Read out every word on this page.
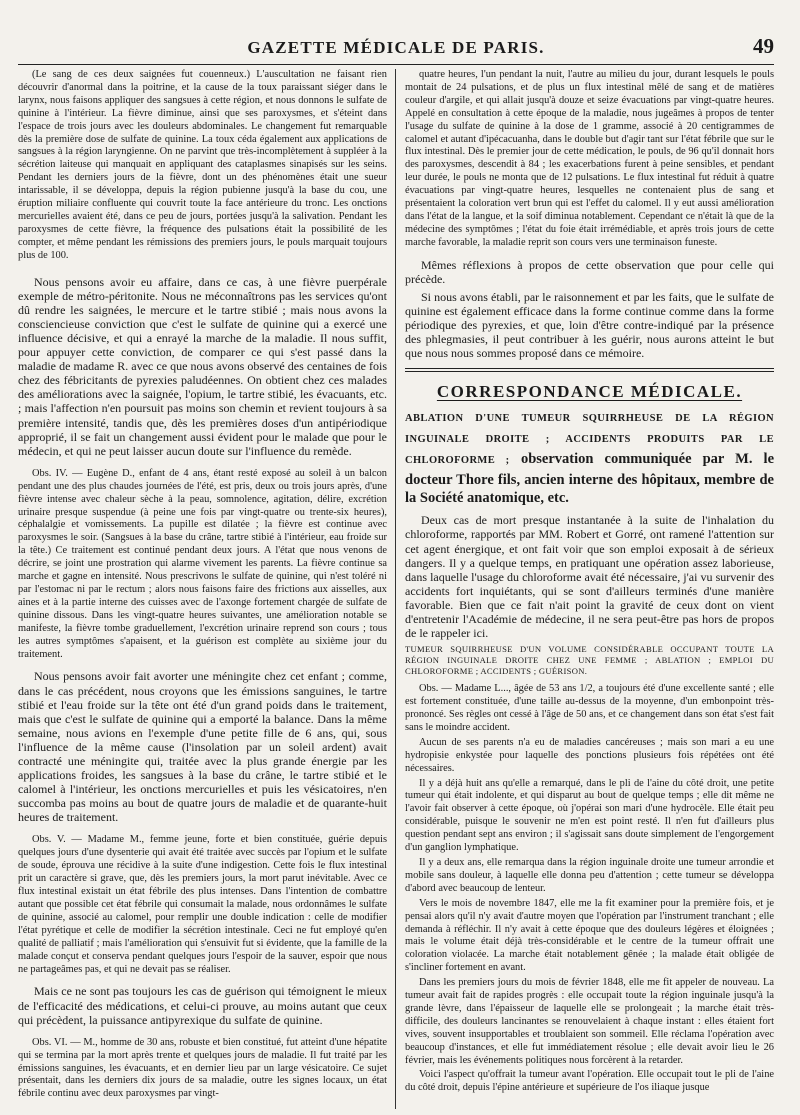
GAZETTE MÉDICALE DE PARIS.	49

(Le sang de ces deux saignées fut couenneux.) L'auscultation ne faisant rien découvrir d'anormal dans la poitrine, et la cause de la toux paraissant siéger dans le larynx, nous faisons appliquer des sangsues à cette région, et nous donnons le sulfate de quinine à l'intérieur. La fièvre diminue, ainsi que ses paroxysmes, et s'éteint dans l'espace de trois jours avec les douleurs abdominales. Le changement fut remarquable dès la première dose de sulfate de quinine. La toux céda également aux applications de sangsues à la région laryngienne. On ne parvint que très-incomplètement à suppléer à la sécrétion laiteuse qui manquait en appliquant des cataplasmes sinapisés sur les seins. Pendant les derniers jours de la fièvre, dont un des phénomènes était une sueur intarissable, il se développa, depuis la région pubienne jusqu'à la base du cou, une éruption miliaire confluente qui couvrit toute la face antérieure du tronc. Les onctions mercurielles avaient été, dans ce peu de jours, portées jusqu'à la salivation. Pendant les paroxysmes de cette fièvre, la fréquence des pulsations était la possibilité de les compter, et même pendant les rémissions des premiers jours, le pouls marquait toujours plus de 100.

Nous pensons avoir eu affaire, dans ce cas, à une fièvre puerpérale exemple de métro-péritonite. Nous ne méconnaîtrons pas les services qu'ont dû rendre les saignées, le mercure et le tartre stibié ; mais nous avons la consciencieuse conviction que c'est le sulfate de quinine qui a exercé une influence décisive, et qui a enrayé la marche de la maladie. Il nous suffit, pour appuyer cette conviction, de comparer ce qui s'est passé dans la maladie de madame R. avec ce que nous avons observé des centaines de fois chez des fébricitants de pyrexies paludéennes. On obtient chez ces malades des améliorations avec la saignée, l'opium, le tartre stibié, les évacuants, etc. ; mais l'affection n'en poursuit pas moins son chemin et revient toujours à sa première intensité, tandis que, dès les premières doses d'un antipériodique approprié, il se fait un changement aussi évident pour le malade que pour le médecin, et qui ne peut laisser aucun doute sur l'influence du remède.

Obs. IV. — Eugène D., enfant de 4 ans, étant resté exposé au soleil à un balcon pendant une des plus chaudes journées de l'été, est pris, deux ou trois jours après, d'une fièvre intense avec chaleur sèche à la peau, somnolence, agitation, délire, excrétion urinaire presque suspendue (à peine une fois par vingt-quatre ou trente-six heures), céphalalgie et vomissements. La pupille est dilatée ; la fièvre est continue avec paroxysmes le soir. (Sangsues à la base du crâne, tartre stibié à l'intérieur, eau froide sur la tête.) Ce traitement est continué pendant deux jours. A l'état que nous venons de décrire, se joint une prostration qui alarme vivement les parents. La fièvre continue sa marche et gagne en intensité. Nous prescrivons le sulfate de quinine, qui n'est toléré ni par l'estomac ni par le rectum ; alors nous faisons faire des frictions aux aisselles, aux aines et à la partie interne des cuisses avec de l'axonge fortement chargée de sulfate de quinine dissous. Dans les vingt-quatre heures suivantes, une amélioration notable se manifeste, la fièvre tombe graduellement, l'excrétion urinaire reprend son cours ; tous les autres symptômes s'apaisent, et la guérison est complète au sixième jour du traitement.

Nous pensons avoir fait avorter une méningite chez cet enfant ; comme, dans le cas précédent, nous croyons que les émissions sanguines, le tartre stibié et l'eau froide sur la tête ont été d'un grand poids dans le traitement, mais que c'est le sulfate de quinine qui a emporté la balance. Dans la même semaine, nous avions en l'exemple d'une petite fille de 6 ans, qui, sous l'influence de la même cause (l'insolation par un soleil ardent) avait contracté une méningite qui, traitée avec la plus grande énergie par les applications froides, les sangsues à la base du crâne, le tartre stibié et le calomel à l'intérieur, les onctions mercurielles et puis les vésicatoires, n'en succomba pas moins au bout de quatre jours de maladie et de quarante-huit heures de traitement.

Obs. V. — Madame M., femme jeune, forte et bien constituée, guérie depuis quelques jours d'une dysenterie qui avait été traitée avec succès par l'opium et le sulfate de soude, éprouva une récidive à la suite d'une indigestion. Cette fois le flux intestinal prit un caractère si grave, que, dès les premiers jours, la mort parut inévitable. Avec ce flux intestinal existait un état fébrile des plus intenses. Dans l'intention de combattre autant que possible cet état fébrile qui consumait la malade, nous ordonnâmes le sulfate de quinine, associé au calomel, pour remplir une double indication : celle de modifier l'état pyrétique et celle de modifier la sécrétion intestinale. Ceci ne fut employé qu'en qualité de palliatif ; mais l'amélioration qui s'ensuivit fut si évidente, que la famille de la malade conçut et conserva pendant quelques jours l'espoir de la sauver, espoir que nous ne partageâmes pas, et qui ne devait pas se réaliser.

Mais ce ne sont pas toujours les cas de guérison qui témoignent le mieux de l'efficacité des médications, et celui-ci prouve, au moins autant que ceux qui précèdent, la puissance antipyrexique du sulfate de quinine.

Obs. VI. — M., homme de 30 ans, robuste et bien constitué, fut atteint d'une hépatite qui se termina par la mort après trente et quelques jours de maladie. Il fut traité par les émissions sanguines, les évacuants, et en dernier lieu par un large vésicatoire. Ce sujet présentait, dans les derniers dix jours de sa maladie, outre les signes locaux, un état fébrile continu avec deux paroxysmes par vingt-

quatre heures, l'un pendant la nuit, l'autre au milieu du jour, durant lesquels le pouls montait de 24 pulsations, et de plus un flux intestinal mêlé de sang et de matières couleur d'argile, et qui allait jusqu'à douze et seize évacuations par vingt-quatre heures. Appelé en consultation à cette époque de la maladie, nous jugeâmes à propos de tenter l'usage du sulfate de quinine à la dose de 1 gramme, associé à 20 centigrammes de calomel et autant d'ipécacuanha, dans le double but d'agir tant sur l'état fébrile que sur le flux intestinal. Dès le premier jour de cette médication, le pouls, de 96 qu'il donnait hors des paroxysmes, descendit à 84 ; les exacerbations furent à peine sensibles, et pendant leur durée, le pouls ne monta que de 12 pulsations. Le flux intestinal fut réduit à quatre évacuations par vingt-quatre heures, lesquelles ne contenaient plus de sang et présentaient la coloration vert brun qui est l'effet du calomel. Il y eut aussi amélioration dans l'état de la langue, et la soif diminua notablement. Cependant ce n'était là que de la médecine des symptômes ; l'état du foie était irrémédiable, et après trois jours de cette marche favorable, la maladie reprit son cours vers une terminaison funeste.

Mêmes réflexions à propos de cette observation que pour celle qui précède.

Si nous avons établi, par le raisonnement et par les faits, que le sulfate de quinine est également efficace dans la forme continue comme dans la forme périodique des pyrexies, et que, loin d'être contre-indiqué par la présence des phlegmasies, il peut contribuer à les guérir, nous aurons atteint le but que nous nous sommes proposé dans ce mémoire.

CORRESPONDANCE MÉDICALE.
ABLATION D'UNE TUMEUR SQUIRRHEUSE DE LA RÉGION INGUINALE DROITE ; ACCIDENTS PRODUITS PAR LE CHLOROFORME ; observation communiquée par M. le docteur Thore fils, ancien interne des hôpitaux, membre de la Société anatomique, etc.

Deux cas de mort presque instantanée à la suite de l'inhalation du chloroforme, rapportés par MM. Robert et Gorré, ont ramené l'attention sur cet agent énergique, et ont fait voir que son emploi exposait à de sérieux dangers. Il y a quelque temps, en pratiquant une opération assez laborieuse, dans laquelle l'usage du chloroforme avait été nécessaire, j'ai vu survenir des accidents fort inquiétants, qui se sont d'ailleurs terminés d'une manière favorable. Bien que ce fait n'ait point la gravité de ceux dont on vient d'entretenir l'Académie de médecine, il ne sera peut-être pas hors de propos de le rappeler ici.

TUMEUR SQUIRRHEUSE D'UN VOLUME CONSIDÉRABLE OCCUPANT TOUTE LA RÉGION INGUINALE DROITE CHEZ UNE FEMME ; ABLATION ; EMPLOI DU CHLOROFORME ; ACCIDENTS ; GUÉRISON.

Obs. — Madame L..., âgée de 53 ans 1/2, a toujours été d'une excellente santé ; elle est fortement constituée, d'une taille au-dessus de la moyenne, d'un embonpoint très-prononcé. Ses règles ont cessé à l'âge de 50 ans, et ce changement dans son état s'est fait sans le moindre accident.

Aucun de ses parents n'a eu de maladies cancéreuses ; mais son mari a eu une hydropisie enkystée pour laquelle des ponctions plusieurs fois répétées ont été nécessaires.

Il y a déjà huit ans qu'elle a remarqué, dans le pli de l'aine du côté droit, une petite tumeur qui était indolente, et qui disparut au bout de quelque temps ; elle dit même ne l'avoir fait observer à cette époque, où j'opérai son mari d'une hydrocèle. Elle était peu considérable, puisque le souvenir ne m'en est point resté. Il n'en fut d'ailleurs plus question pendant sept ans environ ; il s'agissait sans doute simplement de l'engorgement d'un ganglion lymphatique.

Il y a deux ans, elle remarqua dans la région inguinale droite une tumeur arrondie et mobile sans douleur, à laquelle elle donna peu d'attention ; cette tumeur se développa d'abord avec beaucoup de lenteur.

Vers le mois de novembre 1847, elle me la fit examiner pour la première fois, et je pensai alors qu'il n'y avait d'autre moyen que l'opération par l'instrument tranchant ; elle demanda à réfléchir. Il n'y avait à cette époque que des douleurs légères et éloignées ; mais le volume était déjà très-considérable et le centre de la tumeur offrait une coloration violacée. La marche était notablement gênée ; la malade était obligée de s'incliner fortement en avant.

Dans les premiers jours du mois de février 1848, elle me fit appeler de nouveau. La tumeur avait fait de rapides progrès : elle occupait toute la région inguinale jusqu'à la grande lèvre, dans l'épaisseur de laquelle elle se prolongeait ; la marche était très-difficile, des douleurs lancinantes se renouvelaient à chaque instant : elles étaient fort vives, souvent insupportables et troublaient son sommeil. Elle réclama l'opération avec beaucoup d'instances, et elle fut immédiatement résolue ; elle devait avoir lieu le 26 février, mais les événements politiques nous forcèrent à la retarder.

Voici l'aspect qu'offrait la tumeur avant l'opération. Elle occupait tout le pli de l'aine du côté droit, depuis l'épine antérieure et supérieure de l'os iliaque jusque
